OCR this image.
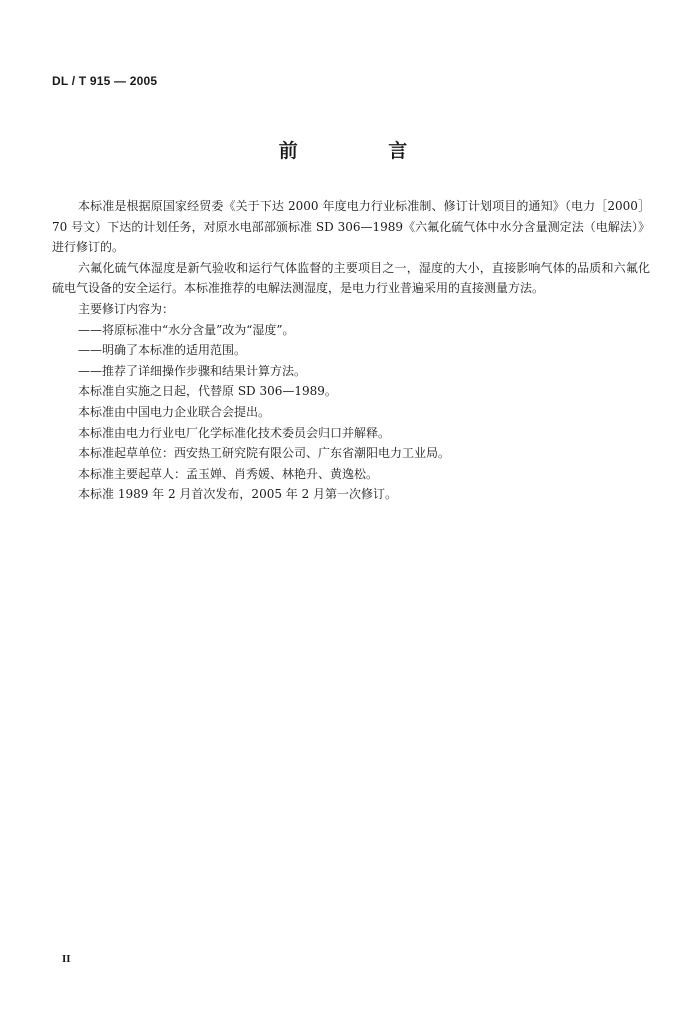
DL / T 915 — 2005
前 言

本标准是根据原国家经贸委《关于下达 2000 年度电力行业标准制、修订计划项目的通知》（电力［2000］70 号文）下达的计划任务，对原水电部部颁标准 SD 306—1989《六氟化硫气体中水分含量测定法（电解法）》进行修订的。

六氟化硫气体湿度是新气验收和运行气体监督的主要项目之一，湿度的大小，直接影响气体的品质和六氟化硫电气设备的安全运行。本标准推荐的电解法测湿度，是电力行业普遍采用的直接测量方法。

主要修订内容为：

——将原标准中“水分含量”改为“湿度”。

——明确了本标准的适用范围。

——推荐了详细操作步骤和结果计算方法。

本标准自实施之日起，代替原 SD 306—1989。

本标准由中国电力企业联合会提出。

本标准由电力行业电厂化学标准化技术委员会归口并解释。

本标准起草单位：西安热工研究院有限公司、广东省潮阳电力工业局。

本标准主要起草人：孟玉婵、肖秀媛、林艳升、黄逸松。

本标准 1989 年 2 月首次发布，2005 年 2 月第一次修订。

II
